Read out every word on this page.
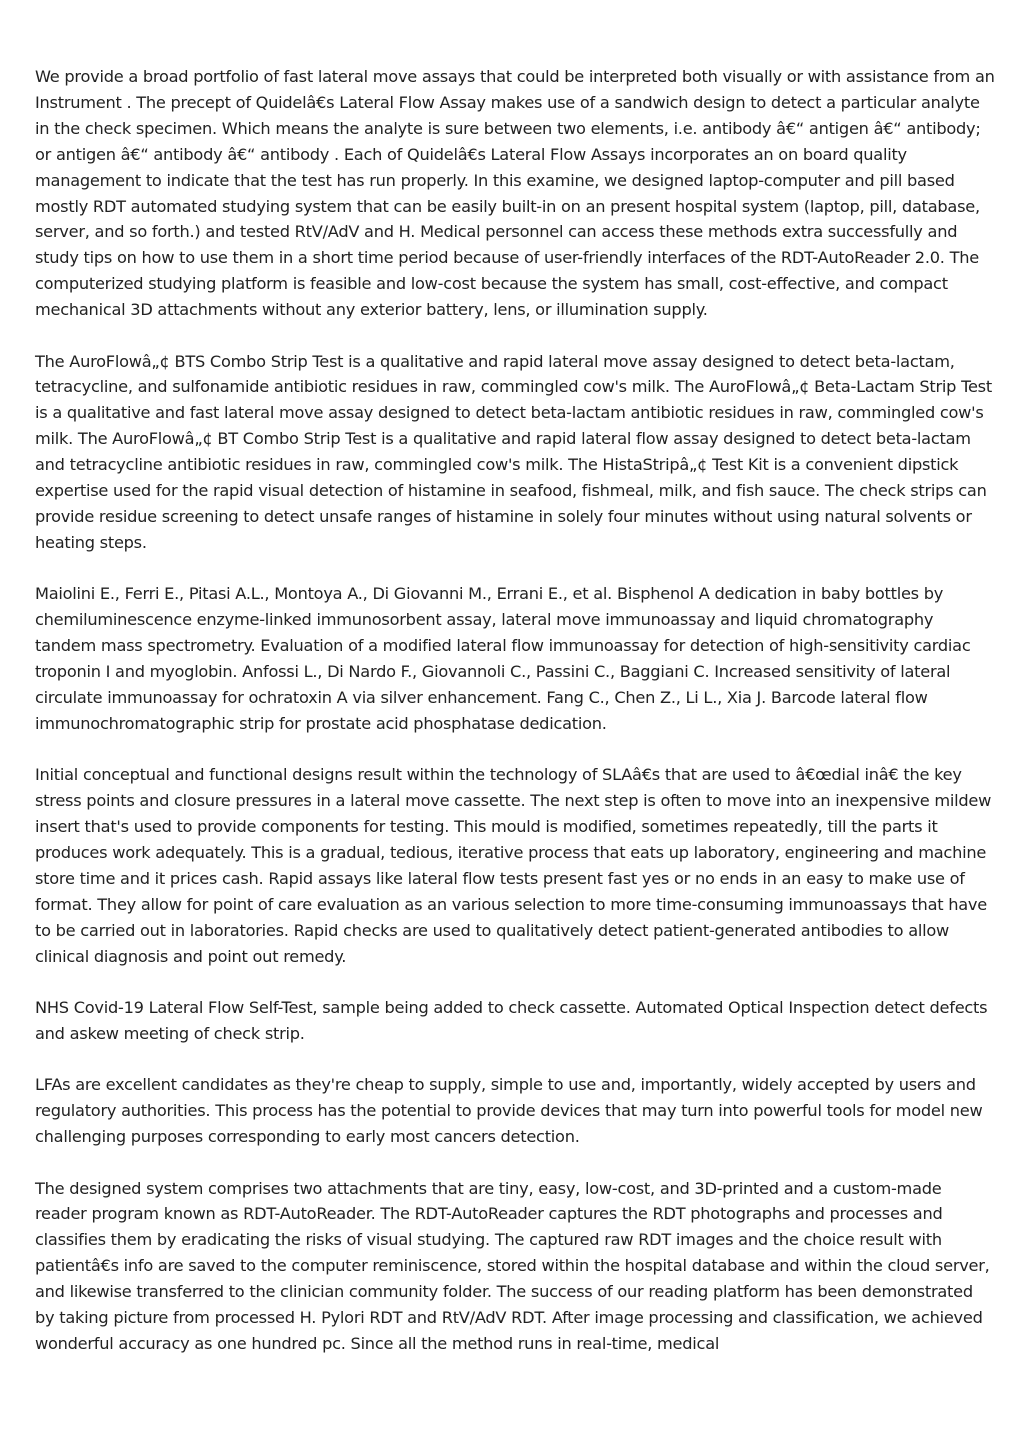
We provide a broad portfolio of fast lateral move assays that could be interpreted both visually or with assistance from an Instrument . The precept of Quidelâ€s Lateral Flow Assay makes use of a sandwich design to detect a particular analyte in the check specimen. Which means the analyte is sure between two elements, i.e. antibody â€“ antigen â€“ antibody; or antigen â€“ antibody â€“ antibody . Each of Quidelâ€s Lateral Flow Assays incorporates an on board quality management to indicate that the test has run properly. In this examine, we designed laptop-computer and pill based mostly RDT automated studying system that can be easily built-in on an present hospital system (laptop, pill, database, server, and so forth.) and tested RtV/AdV and H. Medical personnel can access these methods extra successfully and study tips on how to use them in a short time period because of user-friendly interfaces of the RDT-AutoReader 2.0. The computerized studying platform is feasible and low-cost because the system has small, cost-effective, and compact mechanical 3D attachments without any exterior battery, lens, or illumination supply.

The AuroFlowâ„¢ BTS Combo Strip Test is a qualitative and rapid lateral move assay designed to detect beta-lactam, tetracycline, and sulfonamide antibiotic residues in raw, commingled cow's milk. The AuroFlowâ„¢ Beta-Lactam Strip Test is a qualitative and fast lateral move assay designed to detect beta-lactam antibiotic residues in raw, commingled cow's milk. The AuroFlowâ„¢ BT Combo Strip Test is a qualitative and rapid lateral flow assay designed to detect beta-lactam and tetracycline antibiotic residues in raw, commingled cow's milk. The HistaStripâ„¢ Test Kit is a convenient dipstick expertise used for the rapid visual detection of histamine in seafood, fishmeal, milk, and fish sauce. The check strips can provide residue screening to detect unsafe ranges of histamine in solely four minutes without using natural solvents or heating steps.

Maiolini E., Ferri E., Pitasi A.L., Montoya A., Di Giovanni M., Errani E., et al. Bisphenol A dedication in baby bottles by chemiluminescence enzyme-linked immunosorbent assay, lateral move immunoassay and liquid chromatography tandem mass spectrometry. Evaluation of a modified lateral flow immunoassay for detection of high-sensitivity cardiac troponin I and myoglobin. Anfossi L., Di Nardo F., Giovannoli C., Passini C., Baggiani C. Increased sensitivity of lateral circulate immunoassay for ochratoxin A via silver enhancement. Fang C., Chen Z., Li L., Xia J. Barcode lateral flow immunochromatographic strip for prostate acid phosphatase dedication.

Initial conceptual and functional designs result within the technology of SLAâ€s that are used to â€œdial inâ€ the key stress points and closure pressures in a lateral move cassette. The next step is often to move into an inexpensive mildew insert that's used to provide components for testing. This mould is modified, sometimes repeatedly, till the parts it produces work adequately. This is a gradual, tedious, iterative process that eats up laboratory, engineering and machine store time and it prices cash. Rapid assays like lateral flow tests present fast yes or no ends in an easy to make use of format. They allow for point of care evaluation as an various selection to more time-consuming immunoassays that have to be carried out in laboratories. Rapid checks are used to qualitatively detect patient-generated antibodies to allow clinical diagnosis and point out remedy.

NHS Covid-19 Lateral Flow Self-Test, sample being added to check cassette. Automated Optical Inspection detect defects and askew meeting of check strip.

LFAs are excellent candidates as they're cheap to supply, simple to use and, importantly, widely accepted by users and regulatory authorities. This process has the potential to provide devices that may turn into powerful tools for model new challenging purposes corresponding to early most cancers detection.

The designed system comprises two attachments that are tiny, easy, low-cost, and 3D-printed and a custom-made reader program known as RDT-AutoReader. The RDT-AutoReader captures the RDT photographs and processes and classifies them by eradicating the risks of visual studying. The captured raw RDT images and the choice result with patientâ€s info are saved to the computer reminiscence, stored within the hospital database and within the cloud server, and likewise transferred to the clinician community folder. The success of our reading platform has been demonstrated by taking picture from processed H. Pylori RDT and RtV/AdV RDT. After image processing and classification, we achieved wonderful accuracy as one hundred pc. Since all the method runs in real-time, medical
